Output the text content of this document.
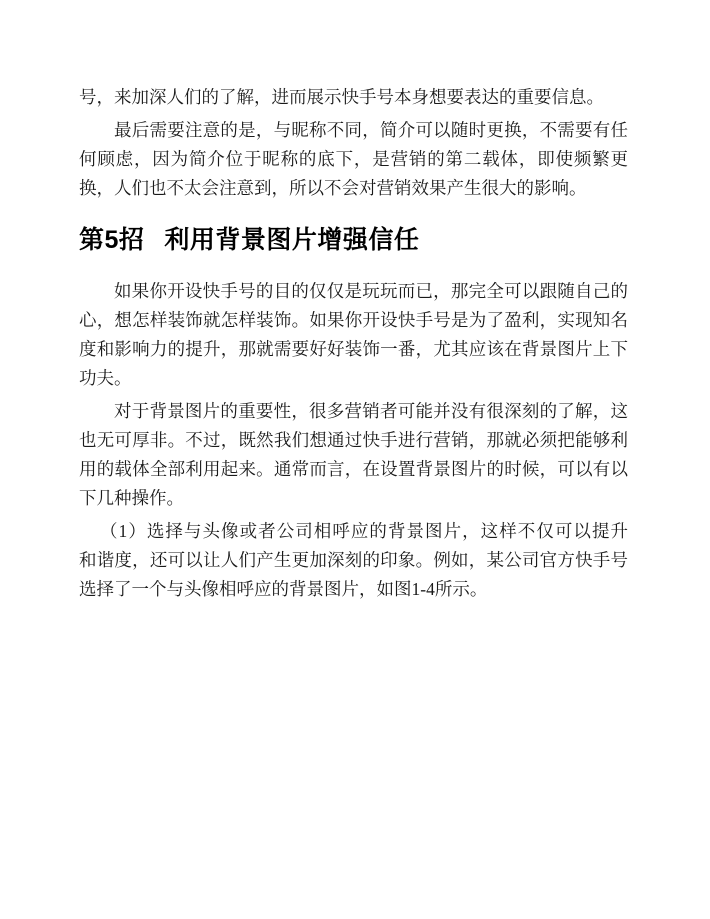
号，来加深人们的了解，进而展示快手号本身想要表达的重要信息。

最后需要注意的是，与昵称不同，简介可以随时更换，不需要有任
何顾虑，因为简介位于昵称的底下，是营销的第二载体，即使频繁更
换，人们也不太会注意到，所以不会对营销效果产生很大的影响。

第5招 利用背景图片增强信任

如果你开设快手号的目的仅仅是玩玩而已，那完全可以跟随自己的
心，想怎样装饰就怎样装饰。如果你开设快手号是为了盈利，实现知名
度和影响力的提升，那就需要好好装饰一番，尤其应该在背景图片上下
功夫。

对于背景图片的重要性，很多营销者可能并没有很深刻的了解，这
也无可厚非。不过，既然我们想通过快手进行营销，那就必须把能够利
用的载体全部利用起来。通常而言，在设置背景图片的时候，可以有以
下几种操作。

（1）选择与头像或者公司相呼应的背景图片，这样不仅可以提升
和谐度，还可以让人们产生更加深刻的印象。例如，某公司官方快手号
选择了一个与头像相呼应的背景图片，如图1-4所示。
